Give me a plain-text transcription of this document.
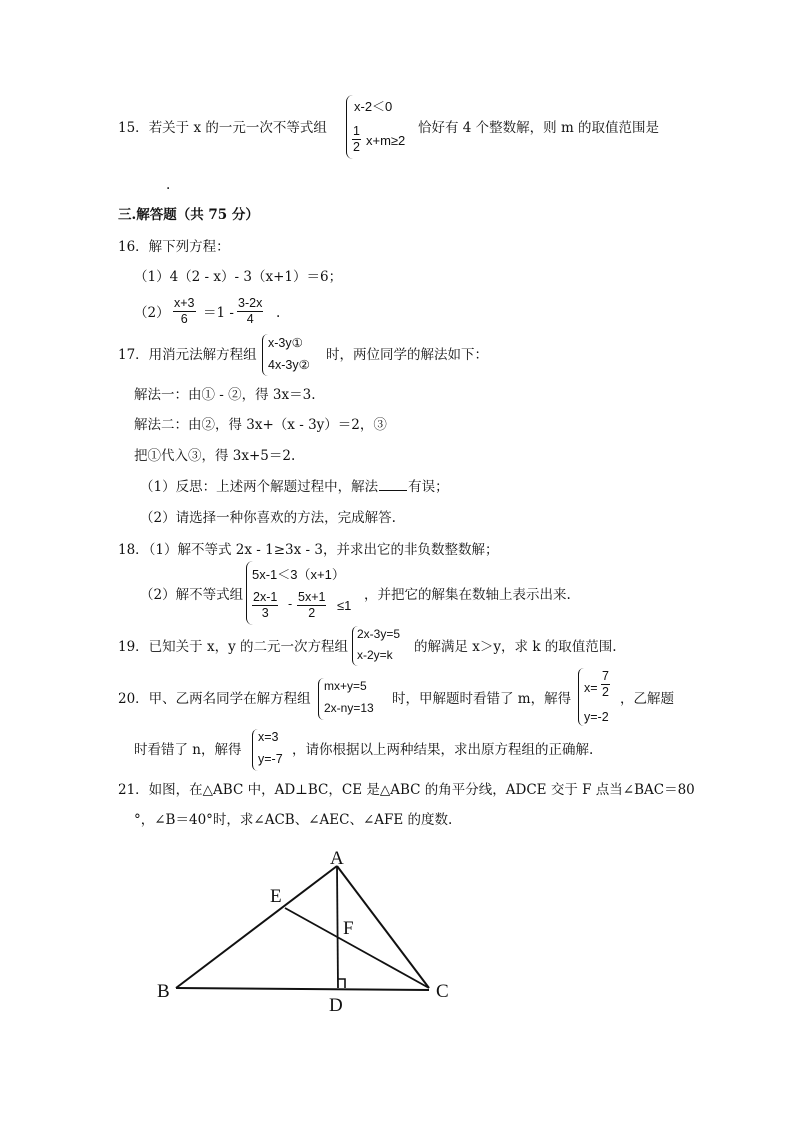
15．若关于 x 的一元一次不等式组
x-2＜0
$\frac{1}{2} x+m\ge 2$
恰好有 4 个整数解，则 m 的取值范围是
.
三.解答题（共 75 分）
16．解下列方程：
（1）4（2 - x）- 3（x+1）＝6；
$(2) \frac{x+3}{6} =1 - \frac{3-2x}{4}$ .
17．用消元法解方程组
x-3y①
4x-3y②
时，两位同学的解法如下：
解法一：由① - ②，得 3x＝3.
解法二：由②，得 3x+（x - 3y）＝2，③
把①代入③，得 3x+5＝2.
（1）反思：上述两个解题过程中，解法 有误；
（2）请选择一种你喜欢的方法，完成解答.
18．（1）解不等式 2x - 1≥3x - 3，并求出它的非负数整数解；
（2）解不等式组
5x-1＜3（x+1）
$\frac{2x-1}{3} - \frac{5x+1}{2} \le 1$
，并把它的解集在数轴上表示出来.
19．已知关于 x，y 的二元一次方程组
2x-3y=5
x-2y=k 的解满足 x＞y，求 k 的取值范围.
20．甲、乙两名同学在解方程组
mx+y=5
2x-ny=13
时，甲解题时看错了 m，解得
$x= \frac{7}{2}$
y=-2
，乙解题
时看错了 n，解得
x=3
y=-7
，请你根据以上两种结果，求出原方程组的正确解.
21．如图，在△ABC 中，AD⊥BC，CE 是△ABC 的角平分线，ADCE 交于 F 点当∠BAC＝80
°，∠B＝40°时，求∠ACB、∠AEC、∠AFE 的度数.
A
B	C
D
E
F
